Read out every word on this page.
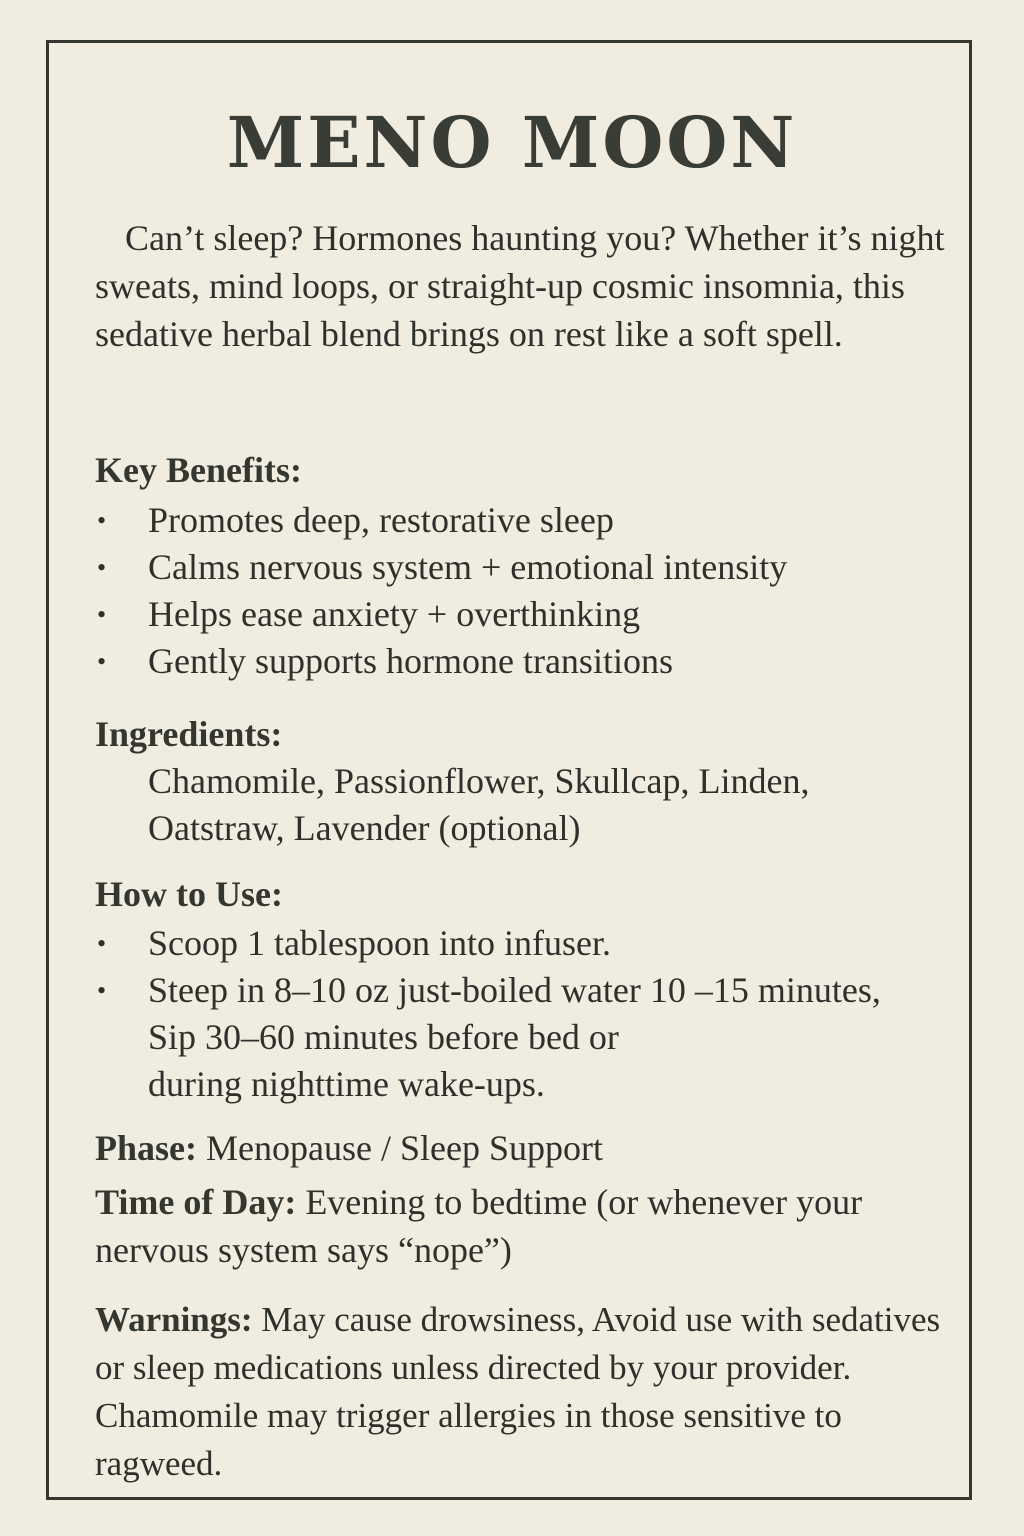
MENO MOON

Can’t sleep? Hormones haunting you? Whether it’s night sweats, mind loops, or straight-up cosmic insomnia, this sedative herbal blend brings on rest like a soft spell.

Key Benefits:
• Promotes deep, restorative sleep
• Calms nervous system + emotional intensity
• Helps ease anxiety + overthinking
• Gently supports hormone transitions
Ingredients:
Chamomile, Passionflower, Skullcap, Linden,
Oatstraw, Lavender (optional)
How to Use:
• Scoop 1 tablespoon into infuser.
• Steep in 8–10 oz just-boiled water 10 –15 minutes,
Sip 30–60 minutes before bed or
during nighttime wake-ups.

Phase: Menopause / Sleep Support

Time of Day: Evening to bedtime (or whenever your nervous system says “nope”)

Warnings: May cause drowsiness, Avoid use with sedatives or sleep medications unless directed by your provider. Chamomile may trigger allergies in those sensitive to ragweed.
